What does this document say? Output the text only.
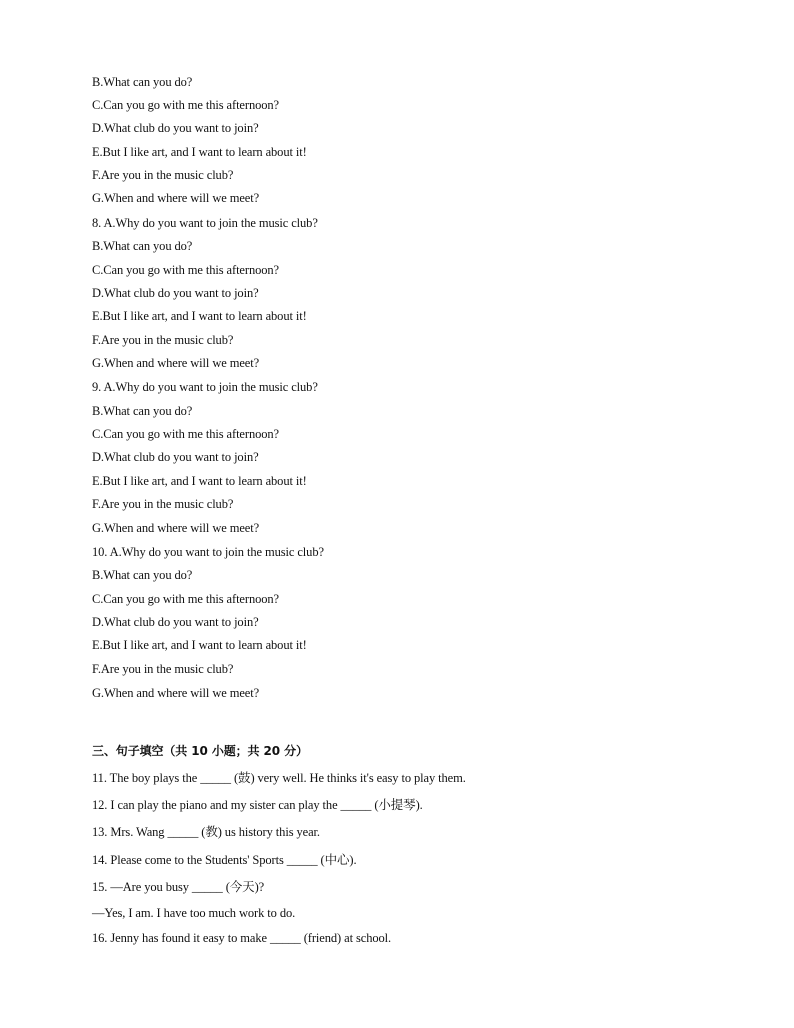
B.What can you do?
C.Can you go with me this afternoon?
D.What club do you want to join?
E.But I like art, and I want to learn about it!
F.Are you in the music club?
G.When and where will we meet?
8. A.Why do you want to join the music club?
B.What can you do?
C.Can you go with me this afternoon?
D.What club do you want to join?
E.But I like art, and I want to learn about it!
F.Are you in the music club?
G.When and where will we meet?
9. A.Why do you want to join the music club?
B.What can you do?
C.Can you go with me this afternoon?
D.What club do you want to join?
E.But I like art, and I want to learn about it!
F.Are you in the music club?
G.When and where will we meet?
10. A.Why do you want to join the music club?
B.What can you do?
C.Can you go with me this afternoon?
D.What club do you want to join?
E.But I like art, and I want to learn about it!
F.Are you in the music club?
G.When and where will we meet?
三、句子填空（共 10 小题；共 20 分）
11. The boy plays the _____ (鼓) very well. He thinks it's easy to play them.
12. I can play the piano and my sister can play the _____ (小提琴).
13. Mrs. Wang _____ (教) us history this year.
14. Please come to the Students' Sports _____ (中心).
15. —Are you busy _____ (今天)?
—Yes, I am. I have too much work to do.
16. Jenny has found it easy to make _____ (friend) at school.
